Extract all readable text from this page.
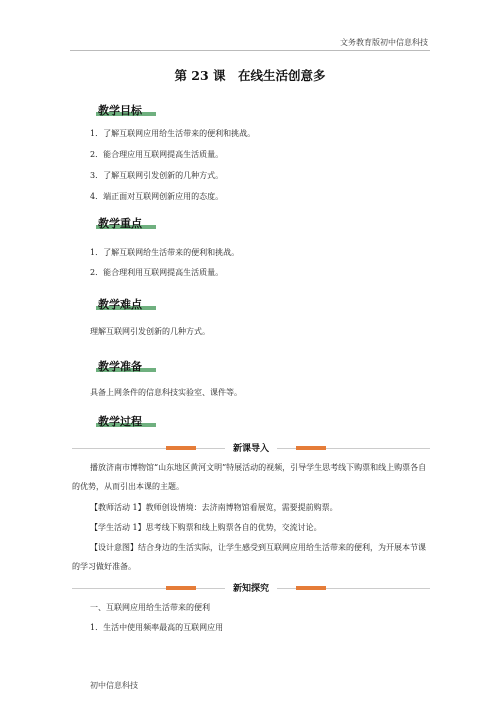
文务教育版初中信息科技
第 23 课　在线生活创意多
教学目标
1．了解互联网应用给生活带来的便利和挑战。
2．能合理应用互联网提高生活质量。
3．了解互联网引发创新的几种方式。
4．端正面对互联网创新应用的态度。
教学重点
1．了解互联网给生活带来的便利和挑战。
2．能合理利用互联网提高生活质量。
教学难点
理解互联网引发创新的几种方式。
教学准备
具备上网条件的信息科技实验室、课件等。
教学过程
新课导入
播放济南市博物馆“山东地区黄河文明”特展活动的视频，引导学生思考线下购票和线上购票各自的优势，从而引出本课的主题。
【教师活动 1】教师创设情境：去济南博物馆看展览，需要提前购票。
【学生活动 1】思考线下购票和线上购票各自的优势，交流讨论。
【设计意图】结合身边的生活实际，让学生感受到互联网应用给生活带来的便利，为开展本节课的学习做好准备。
新知探究
一、互联网应用给生活带来的便利
1．生活中使用频率最高的互联网应用
初中信息科技
